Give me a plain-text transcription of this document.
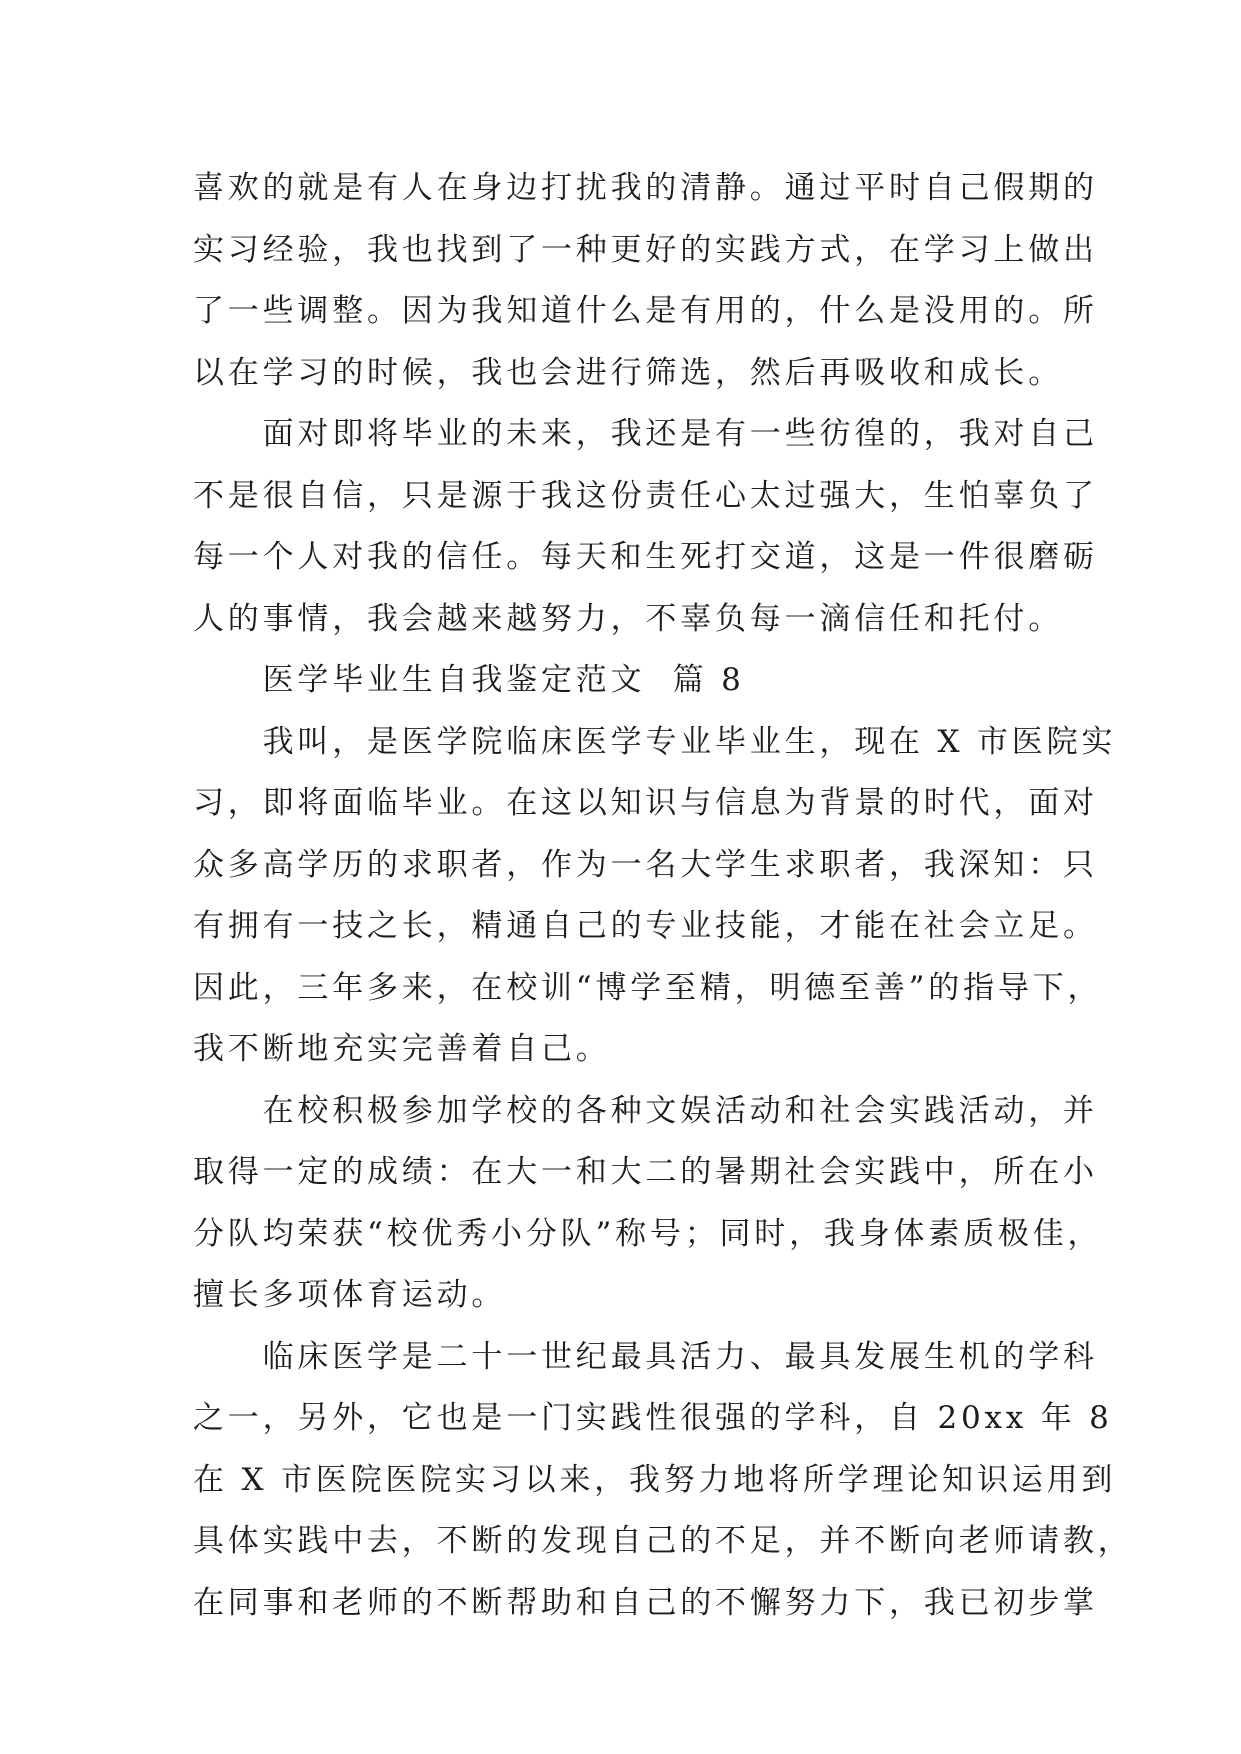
喜欢的就是有人在身边打扰我的清静。通过平时自己假期的
实习经验，我也找到了一种更好的实践方式，在学习上做出
了一些调整。因为我知道什么是有用的，什么是没用的。所
以在学习的时候，我也会进行筛选，然后再吸收和成长。
　　面对即将毕业的未来，我还是有一些彷徨的，我对自己
不是很自信，只是源于我这份责任心太过强大，生怕辜负了
每一个人对我的信任。每天和生死打交道，这是一件很磨砺
人的事情，我会越来越努力，不辜负每一滴信任和托付。
　　医学毕业生自我鉴定范文  篇 8
　　我叫，是医学院临床医学专业毕业生，现在 X 市医院实
习，即将面临毕业。在这以知识与信息为背景的时代，面对
众多高学历的求职者，作为一名大学生求职者，我深知：只
有拥有一技之长，精通自己的专业技能，才能在社会立足。
因此，三年多来，在校训“博学至精，明德至善”的指导下，
我不断地充实完善着自己。
　　在校积极参加学校的各种文娱活动和社会实践活动，并
取得一定的成绩：在大一和大二的暑期社会实践中，所在小
分队均荣获“校优秀小分队”称号；同时，我身体素质极佳，
擅长多项体育运动。
　　临床医学是二十一世纪最具活力、最具发展生机的学科
之一，另外，它也是一门实践性很强的学科，自 20xx 年 8
在 X 市医院医院实习以来，我努力地将所学理论知识运用到
具体实践中去，不断的发现自己的不足，并不断向老师请教，
在同事和老师的不断帮助和自己的不懈努力下，我已初步掌
